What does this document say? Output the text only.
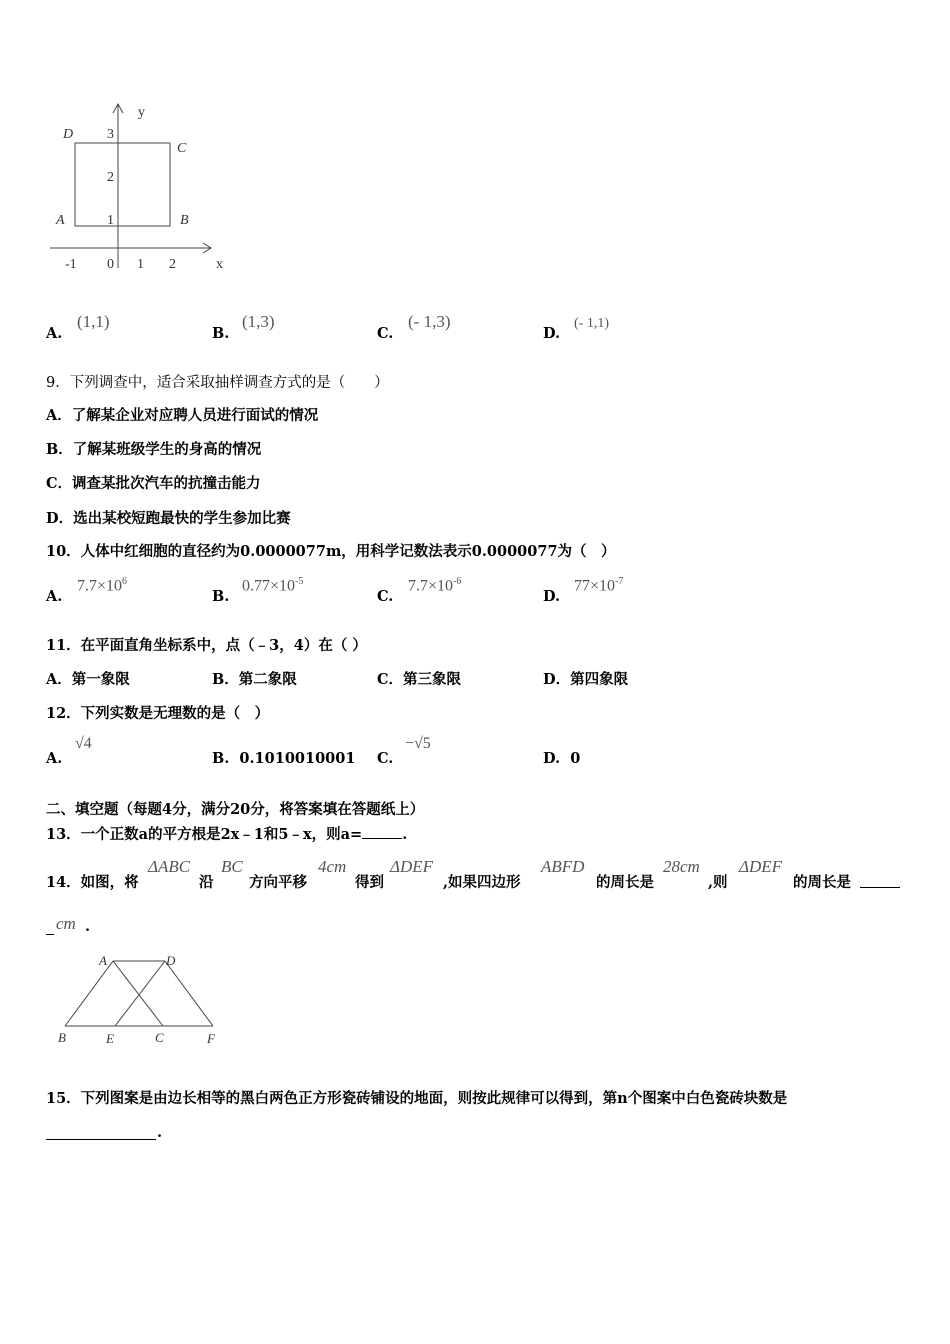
y
x
-1 0 1 2
1
2
3
A	B
C
D
A.
(1,1)
B.
(1,3)
C.
(- 1,3)
D.
(- 1,1)
9．下列调查中，适合采取抽样调查方式的是（　　）
A．了解某企业对应聘人员进行面试的情况
B．了解某班级学生的身高的情况
C．调查某批次汽车的抗撞击能力
D．选出某校短跑最快的学生参加比赛
10．人体中红细胞的直径约为0.0000077m，用科学记数法表示0.0000077为（　）
A.
$7.7\times 10^6$
B.
$0.77\times 10^{-5}$
C.
$7.7\times 10^{-6}$
D.
$77\times 10^{-7}$
11．在平面直角坐标系中，点（﹣3，4）在（ ）
A．第一象限	B．第二象限	C．第三象限	D．第四象限
12．下列实数是无理数的是（　）
A.
√4
B. 0.1010010001 C.
−√5
D. 0
二、填空题（每题4分，满分20分，将答案填在答题纸上）
13．一个正数a的平方根是2x﹣1和5﹣x，则a=	.
14．如图，将
ΔABC
沿
BC
方向平移
4cm
得到
ΔDEF
,如果四边形
ABFD
的周长是
28cm
,则
ΔDEF
的周长是
cm .
A	D
B	E	C	F
15．下列图案是由边长相等的黑白两色正方形瓷砖铺设的地面，则按此规律可以得到，第n个图案中白色瓷砖块数是
.
